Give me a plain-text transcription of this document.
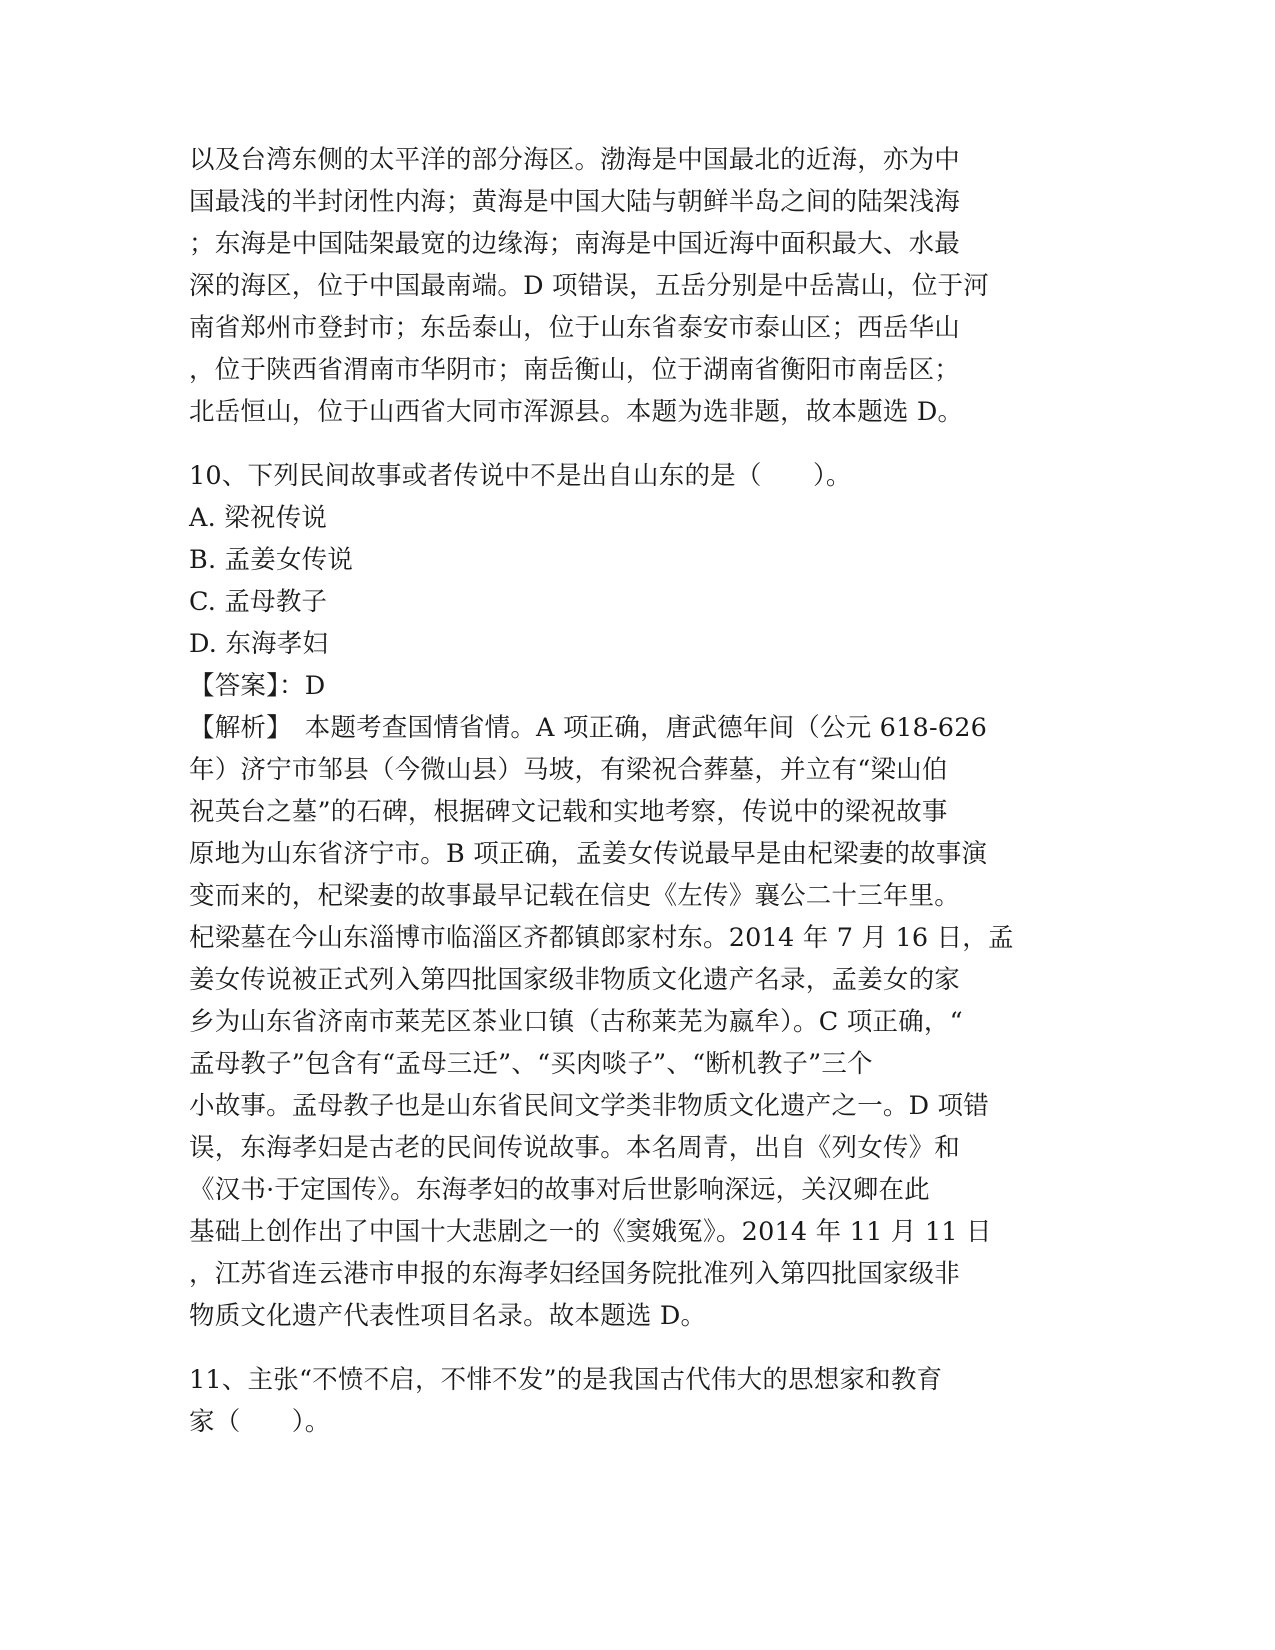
以及台湾东侧的太平洋的部分海区。渤海是中国最北的近海，亦为中
国最浅的半封闭性内海；黄海是中国大陆与朝鲜半岛之间的陆架浅海
；东海是中国陆架最宽的边缘海；南海是中国近海中面积最大、水最
深的海区，位于中国最南端。D 项错误，五岳分别是中岳嵩山，位于河
南省郑州市登封市；东岳泰山，位于山东省泰安市泰山区；西岳华山
，位于陕西省渭南市华阴市；南岳衡山，位于湖南省衡阳市南岳区；
北岳恒山，位于山西省大同市浑源县。本题为选非题，故本题选 D。
10、下列民间故事或者传说中不是出自山东的是（　　）。
A. 梁祝传说
B. 孟姜女传说
C. 孟母教子
D. 东海孝妇
【答案】：D
【解析】　本题考查国情省情。A 项正确，唐武德年间（公元 618-626
年）济宁市邹县（今微山县）马坡，有梁祝合葬墓，并立有“梁山伯
祝英台之墓”的石碑，根据碑文记载和实地考察，传说中的梁祝故事
原地为山东省济宁市。B 项正确，孟姜女传说最早是由杞梁妻的故事演
变而来的，杞梁妻的故事最早记载在信史《左传》襄公二十三年里。
杞梁墓在今山东淄博市临淄区齐都镇郎家村东。2014 年 7 月 16 日，孟
姜女传说被正式列入第四批国家级非物质文化遗产名录，孟姜女的家
乡为山东省济南市莱芜区茶业口镇（古称莱芜为嬴牟）。C 项正确，“
孟母教子”包含有“孟母三迁”、“买肉啖子”、“断机教子”三个
小故事。孟母教子也是山东省民间文学类非物质文化遗产之一。D 项错
误，东海孝妇是古老的民间传说故事。本名周青，出自《列女传》和
《汉书·于定国传》。东海孝妇的故事对后世影响深远，关汉卿在此
基础上创作出了中国十大悲剧之一的《窦娥冤》。2014 年 11 月 11 日
，江苏省连云港市申报的东海孝妇经国务院批准列入第四批国家级非
物质文化遗产代表性项目名录。故本题选 D。
11、主张“不愤不启，不悱不发”的是我国古代伟大的思想家和教育
家（　　）。
